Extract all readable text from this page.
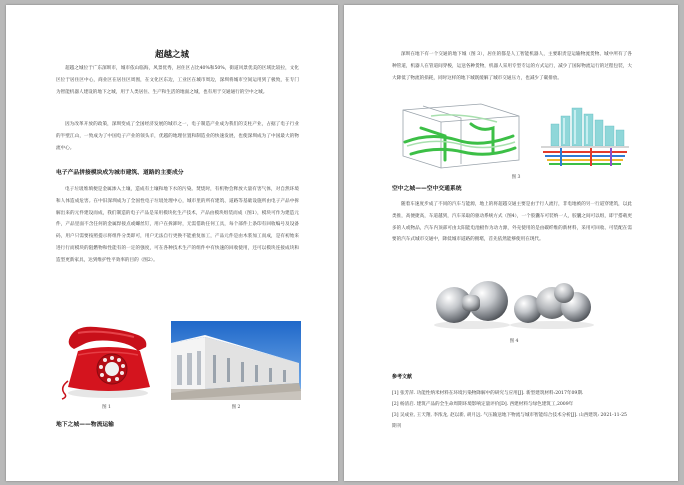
超越之城

超越之城位于广东深圳市，城市依山临海，风景优秀，居住区占比40%和50%，街道风景优美的区域比较拉，文化区位于居住区中心，商业区在居住区周围，在文化区东边，工业区在城市周边，深圳将城市空间运用到了极致，在专门为智能机器人建设的地下之城，用于人类居住、生产和生活的地面之城，也有用于交通通行的空中之城。

因为改革开放的政策，深圳变成了全国经济发展的城市之一，电子制造产业成为我们的支柱产业，占据了电子行业的半壁江山，一致成为了中国电子产业的领头羊，优越的地理位置和制造业的快速发展，也使深圳成为了中国最大的物流中心。

电子产品拼接模块成为城市建筑、道路的主要成分

电子垃圾堆填便是金属渗入土壤，造成有土壤和地下水的污染。焚烧时，有机物会释放大量有害气体，对自然环境和人体造成危害。在中旧深圳成为了全国性电子垃圾处理中心，城市里的所有建筑、道路等基础设施所由电子产品中拆解出来的元件建设而成，我们制造的电子产品是采用模块化生产技术，产品由模块组装而成（图1），模块可作为建造元件，产品里面不含任何的金属焊接点或螺丝钉，用户在拆卸时，无需借助任何工具，每个部件上条印有回收编号及设备码，用户只需要按照提示将组件分类即可，用户无法自行更换不能重复加工，产品元件是由木浆加工而成，是有初始来进行行而模块的阻燃物和性能有的一定的强度，可在各种技术生产的组件中有快速的回收使用，还可以模块连接成块和造型更新家具，达到维护性平效率的目的（图2）。

图 1	图 2

地下之城——物流运输

深圳在地下有一个交通的地下城（图 3），居住的都是人工智能机器人，主要职责是运输物流货物、城中所有了各种管道，机器人在管道间穿梭，运送各种货物，机器人采用专型专运的方式运行，减少了国际物流运行的过程包装，大大降低了物流的损耗，同时这样的地下城既缓解了城市交通压力，也减少了碳排放。

图 3

空中之城——空中交通系统

随着车速度步成了不同的汽车与能源，地上的将超越交通主要是由于行人流行，非电地被的另一行道穿建筑，以此类推，高便捷高，车道越到，汽车采取的驱动系统方式（图4），一个胶囊车可装纳一人，胶囊之间可以组，即于搭载更多的人或物品，汽车内顶部可由太阳能电池板作为动力源，外壳使用的是由碳纤维的新材料，采用可回收、可装配在需要的汽车式城市交通中，降低城市道路的拥堵，首先依然能够使用在现代。

图 4

参考文献

[1] 张芳萍. 功能性纳米材料在环境污染物降解中的研究与应用[J]. 新型建筑材料:2017年09期.
[2] 杨清启. 建筑产品的全生命周期环境影响定量评价[D]. 西建材料与绿色建筑工,2009年
[3] 吴成业, 王天翔, 李浓龙, 赵以新, 胡月远. 气压输送地下物流与城市智能综合技术分析[J]. 山西建筑: 2021-11-25 期刊
